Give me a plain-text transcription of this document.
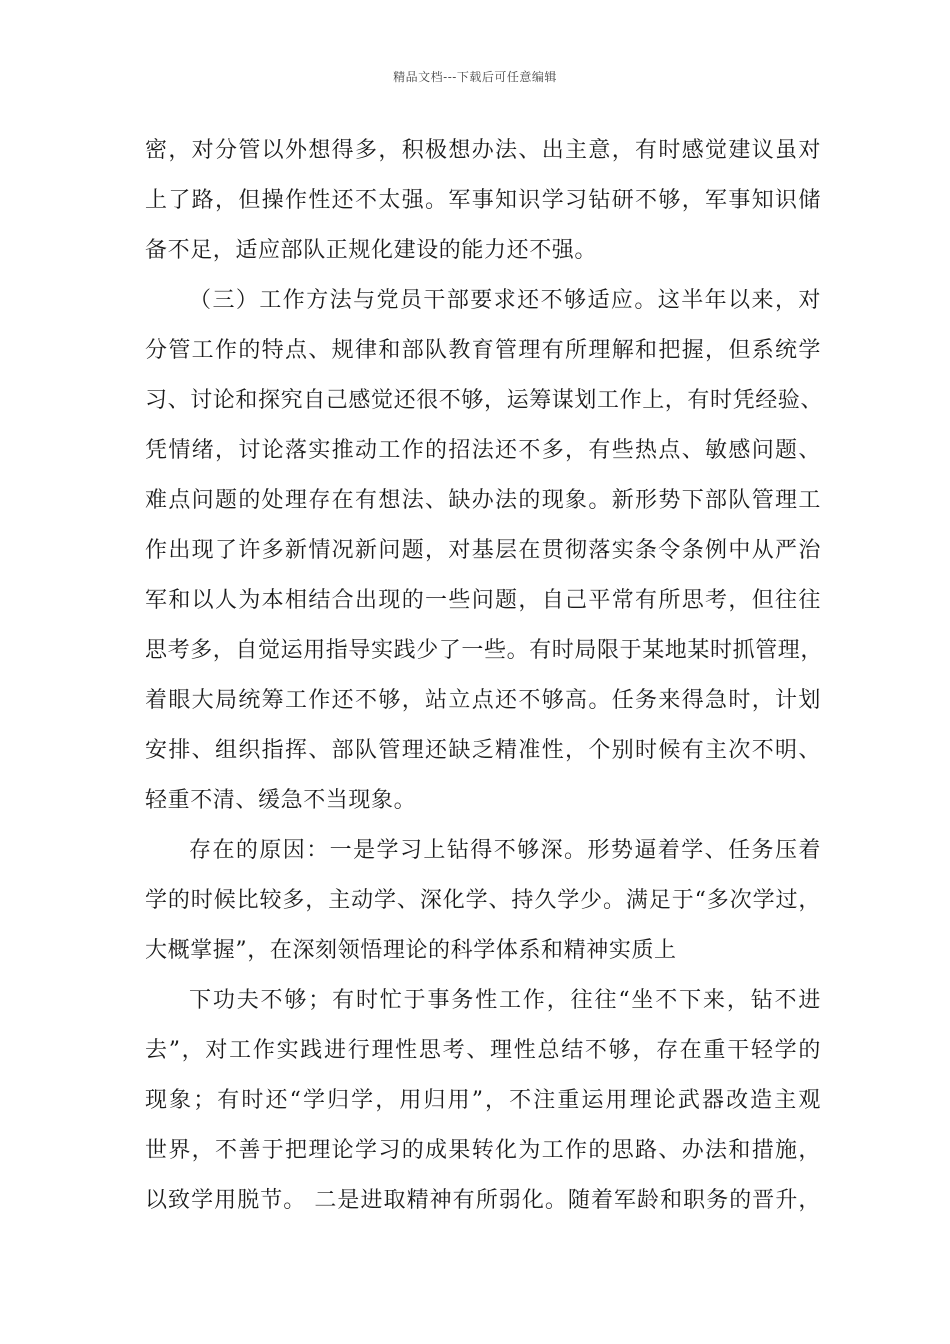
精品文档---下载后可任意编辑
密，对分管以外想得多，积极想办法、出主意，有时感觉建议虽对
上了路，但操作性还不太强。军事知识学习钻研不够，军事知识储
备不足，适应部队正规化建设的能力还不强。
（三）工作方法与党员干部要求还不够适应。这半年以来，对
分管工作的特点、规律和部队教育管理有所理解和把握，但系统学
习、讨论和探究自己感觉还很不够，运筹谋划工作上，有时凭经验、
凭情绪，讨论落实推动工作的招法还不多，有些热点、敏感问题、
难点问题的处理存在有想法、缺办法的现象。新形势下部队管理工
作出现了许多新情况新问题，对基层在贯彻落实条令条例中从严治
军和以人为本相结合出现的一些问题，自己平常有所思考，但往往
思考多，自觉运用指导实践少了一些。有时局限于某地某时抓管理，
着眼大局统筹工作还不够，站立点还不够高。任务来得急时，计划
安排、组织指挥、部队管理还缺乏精准性，个别时候有主次不明、
轻重不清、缓急不当现象。
存在的原因：一是学习上钻得不够深。形势逼着学、任务压着
学的时候比较多，主动学、深化学、持久学少。满足于“多次学过，
大概掌握”，在深刻领悟理论的科学体系和精神实质上
下功夫不够；有时忙于事务性工作，往往“坐不下来，钻不进
去”，对工作实践进行理性思考、理性总结不够，存在重干轻学的
现象；有时还“学归学，用归用”，不注重运用理论武器改造主观
世界，不善于把理论学习的成果转化为工作的思路、办法和措施，
以致学用脱节。 二是进取精神有所弱化。随着军龄和职务的晋升，
